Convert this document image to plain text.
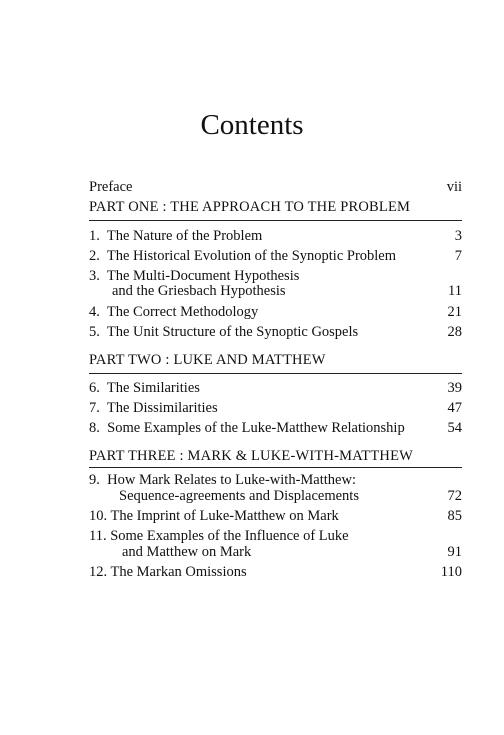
Contents
Preface	vii
PART ONE : THE APPROACH TO THE PROBLEM
1. The Nature of the Problem	3
2. The Historical Evolution of the Synoptic Problem	7
3. The Multi-Document Hypothesis
and the Griesbach Hypothesis	11
4. The Correct Methodology	21
5. The Unit Structure of the Synoptic Gospels	28
PART TWO : LUKE AND MATTHEW
6. The Similarities	39
7. The Dissimilarities	47
8. Some Examples of the Luke-Matthew Relationship	54
PART THREE : MARK & LUKE-WITH-MATTHEW
9. How Mark Relates to Luke-with-Matthew:
Sequence-agreements and Displacements	72
10. The Imprint of Luke-Matthew on Mark	85
11. Some Examples of the Influence of Luke
and Matthew on Mark	91
12. The Markan Omissions	110
